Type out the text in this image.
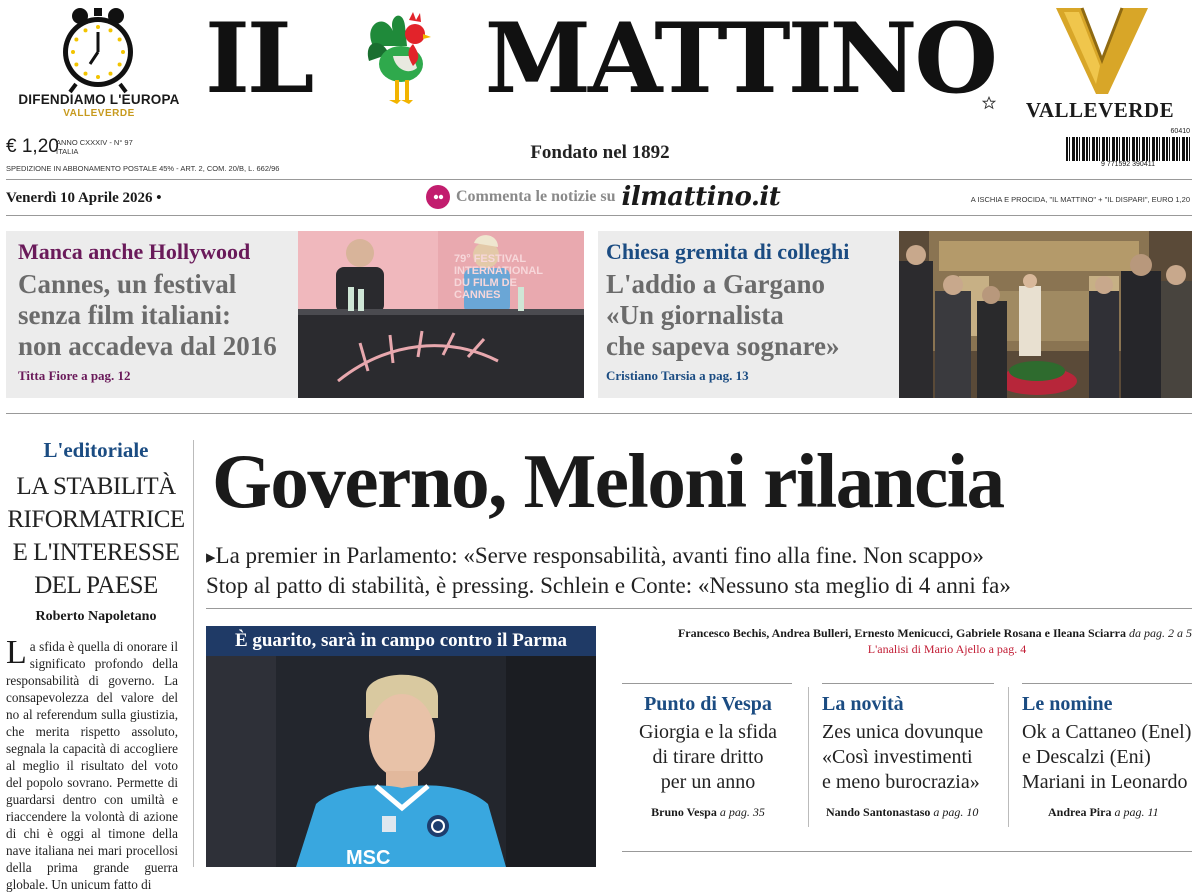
DIFENDIAMO L'EUROPA
VALLEVERDE IL MATTINO	VALLEVERDE
€ 1,20
ANNO CXXXIV - N° 97
ITALIA
SPEDIZIONE IN ABBONAMENTO POSTALE 45% - ART. 2, COM. 20/B, L. 662/96
Fondato nel 1892
60410
9 771592 390411
Venerdì 10 Aprile 2026 •	Commenta le notizie su ilmattino.it	A ISCHIA E PROCIDA, "IL MATTINO" + "IL DISPARI", EURO 1,20
Manca anche Hollywood
Cannes, un festival
senza film italiani:
non accadeva dal 2016
Titta Fiore a pag. 12
79° FESTIVAL INTERNATIONAL DU FILM DE CANNES
Chiesa gremita di colleghi
L'addio a Gargano
«Un giornalista
che sapeva sognare»
Cristiano Tarsia a pag. 13
L'editoriale
LA STABILITÀ
RIFORMATRICE
E L'INTERESSE
DEL PAESE
Roberto Napoletano
La sfida è quella di onorare il significato profondo della responsabilità di governo. La consapevolezza del valore del no al referendum sulla giustizia, che merita rispetto assoluto, segnala la capacità di accogliere al meglio il risultato del voto del popolo sovrano. Permette di guardarsi dentro con umiltà e riaccendere la volontà di azione di chi è oggi al timone della nave italiana nei mari procellosi della prima grande guerra globale. Un unicum fatto di
Governo, Meloni rilancia
▸La premier in Parlamento: «Serve responsabilità, avanti fino alla fine. Non scappo»
Stop al patto di stabilità, è pressing. Schlein e Conte: «Nessuno sta meglio di 4 anni fa»
È guarito, sarà in campo contro il Parma
MSC
Francesco Bechis, Andrea Bulleri, Ernesto Menicucci, Gabriele Rosana e Ileana Sciarra da pag. 2 a 5
L'analisi di Mario Ajello a pag. 4
Punto di Vespa
Giorgia e la sfida
di tirare dritto
per un anno
Bruno Vespa a pag. 35
La novità
Zes unica dovunque
«Così investimenti
e meno burocrazia»
Nando Santonastaso a pag. 10
Le nomine
Ok a Cattaneo (Enel)
e Descalzi (Eni)
Mariani in Leonardo
Andrea Pira a pag. 11
